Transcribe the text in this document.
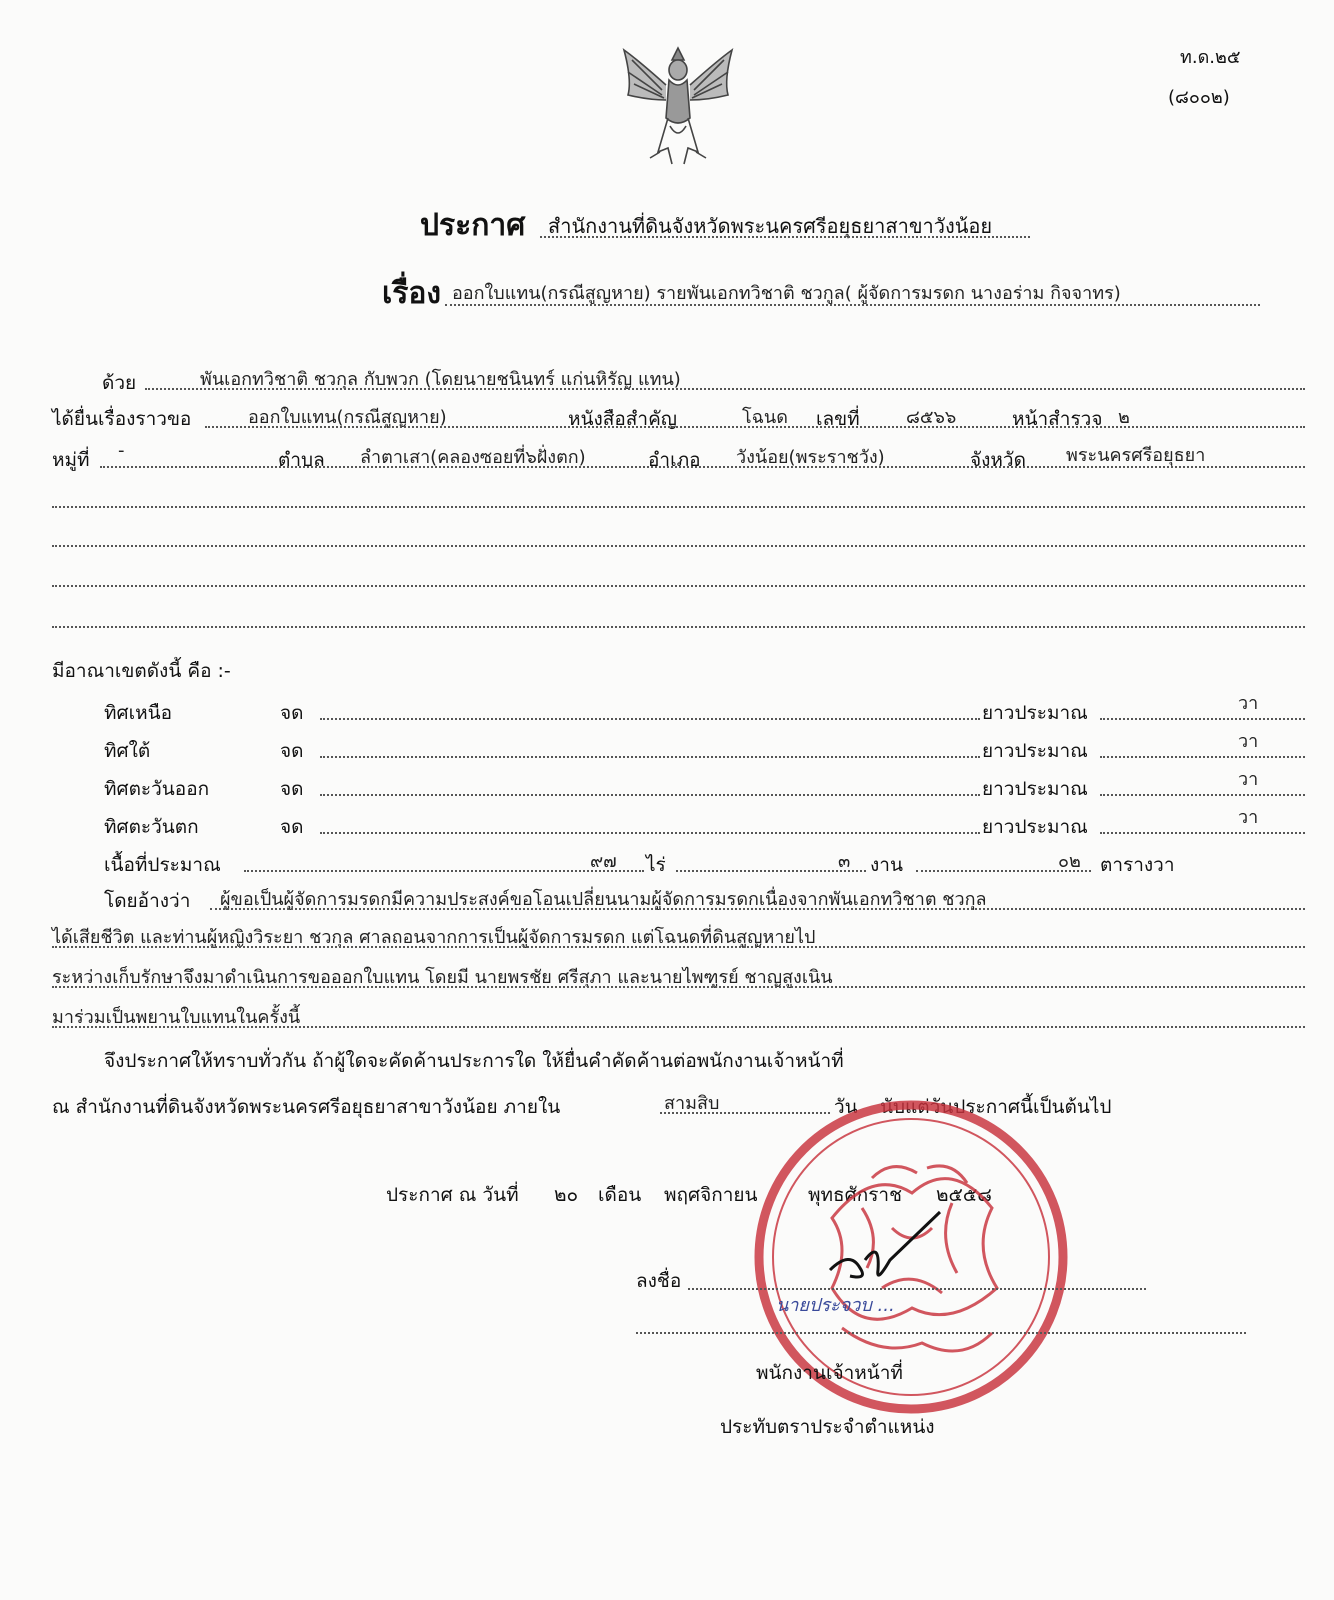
ท.ด.๒๕
(๘๐๐๒)
ประกาศ สำนักงานที่ดินจังหวัดพระนครศรีอยุธยาสาขาวังน้อย
เรื่อง ออกใบแทน(กรณีสูญหาย) รายพันเอกทวิชาติ ชวกูล( ผู้จัดการมรดก นางอร่าม กิจจาทร)
ด้วย	พันเอกทวิชาติ ชวกุล กับพวก (โดยนายชนินทร์ แก่นหิรัญ แทน)
ได้ยื่นเรื่องราวขอ	ออกใบแทน(กรณีสูญหาย)	หนังสือสำคัญ	โฉนด เลขที่	๘๕๖๖	หน้าสำรวจ ๒
หมู่ที่ -	ตำบล ลำตาเสา(คลองซอยที่๖ฝั่งตก)	อำเภอ วังน้อย(พระราชวัง)	จังหวัด พระนครศรีอยุธยา
มีอาณาเขตดังนี้ คือ :-
ทิศเหนือ	จด	ยาวประมาณ	วา
ทิศใต้	จด	ยาวประมาณ	วา
ทิศตะวันออก	จด	ยาวประมาณ	วา
ทิศตะวันตก	จด	ยาวประมาณ	วา
เนื้อที่ประมาณ	๙๗ ไร่	๓ งาน	๐๒ ตารางวา
โดยอ้างว่า ผู้ขอเป็นผู้จัดการมรดกมีความประสงค์ขอโอนเปลี่ยนนามผู้จัดการมรดกเนื่องจากพันเอกทวิชาต ชวกุล
ได้เสียชีวิต และท่านผู้หญิงวิระยา ชวกุล ศาลถอนจากการเป็นผู้จัดการมรดก แต่โฉนดที่ดินสูญหายไป
ระหว่างเก็บรักษาจึงมาดำเนินการขอออกใบแทน โดยมี นายพรชัย ศรีสุภา และนายไพฑูรย์ ชาญสูงเนิน
มาร่วมเป็นพยานใบแทนในครั้งนี้
จึงประกาศให้ทราบทั่วกัน ถ้าผู้ใดจะคัดค้านประการใด ให้ยื่นคำคัดค้านต่อพนักงานเจ้าหน้าที่
ณ สำนักงานที่ดินจังหวัดพระนครศรีอยุธยาสาขาวังน้อย ภายใน	สามสิบ	วัน นับแต่วันประกาศนี้เป็นต้นไป
ประกาศ ณ วันที่ ๒๐ เดือน พฤศจิกายน	พุทธศักราช ๒๕๕๘
ลงชื่อ
นายประจวบ ...
พนักงานเจ้าหน้าที่
ประทับตราประจำตำแหน่ง
